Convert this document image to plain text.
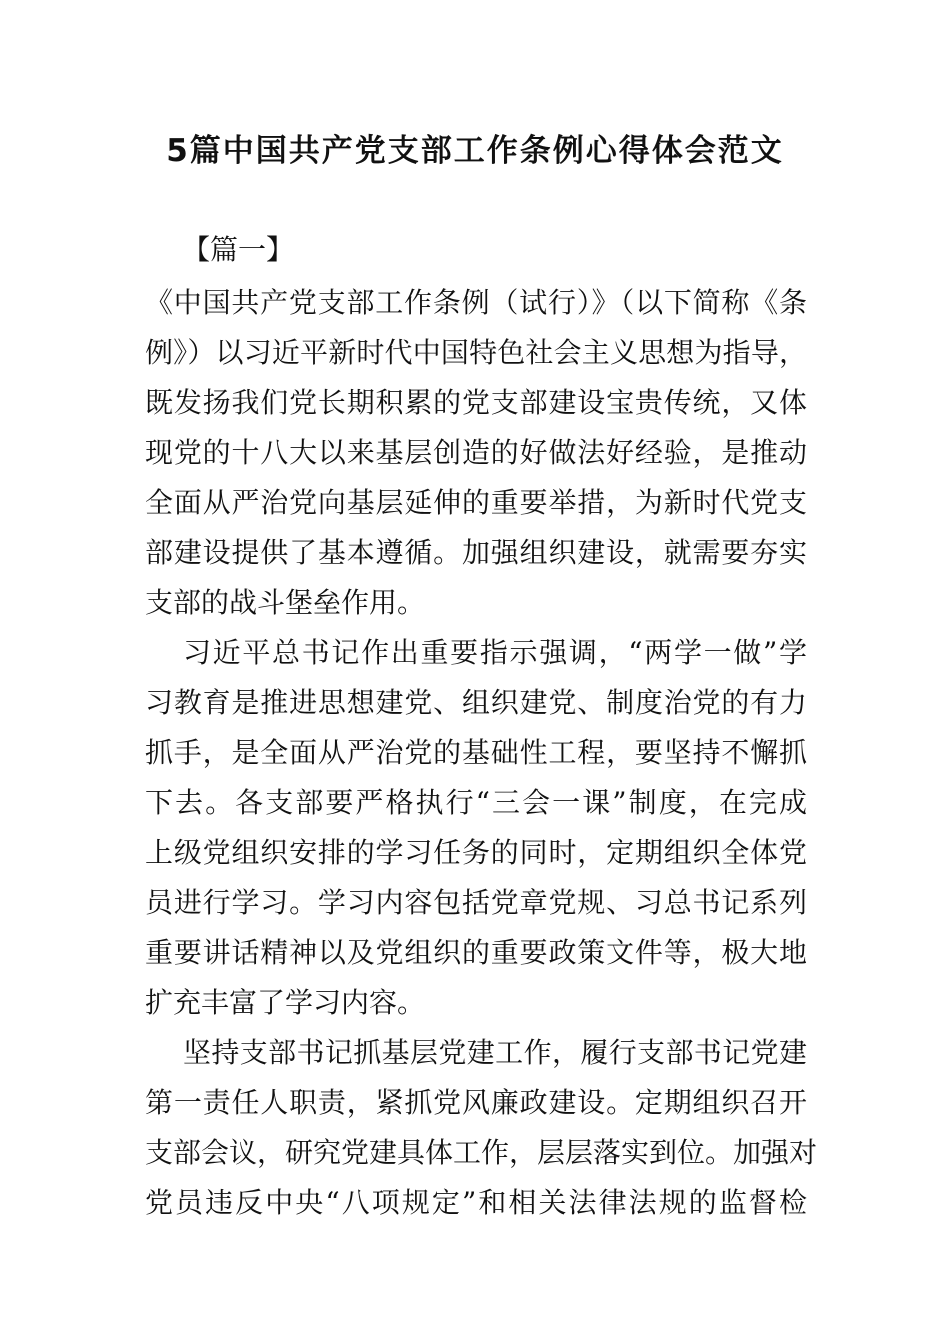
5篇中国共产党支部工作条例心得体会范文
【篇一】
《中国共产党支部工作条例（试行）》（以下简称《条
例》）以习近平新时代中国特色社会主义思想为指导，
既发扬我们党长期积累的党支部建设宝贵传统，又体
现党的十八大以来基层创造的好做法好经验，是推动
全面从严治党向基层延伸的重要举措，为新时代党支
部建设提供了基本遵循。加强组织建设，就需要夯实
支部的战斗堡垒作用。
习近平总书记作出重要指示强调，“两学一做”学
习教育是推进思想建党、组织建党、制度治党的有力
抓手，是全面从严治党的基础性工程，要坚持不懈抓
下去。各支部要严格执行“三会一课”制度，在完成
上级党组织安排的学习任务的同时，定期组织全体党
员进行学习。学习内容包括党章党规、习总书记系列
重要讲话精神以及党组织的重要政策文件等，极大地
扩充丰富了学习内容。
坚持支部书记抓基层党建工作，履行支部书记党建
第一责任人职责，紧抓党风廉政建设。定期组织召开
支部会议，研究党建具体工作，层层落实到位。加强对
党员违反中央“八项规定”和相关法律法规的监督检
